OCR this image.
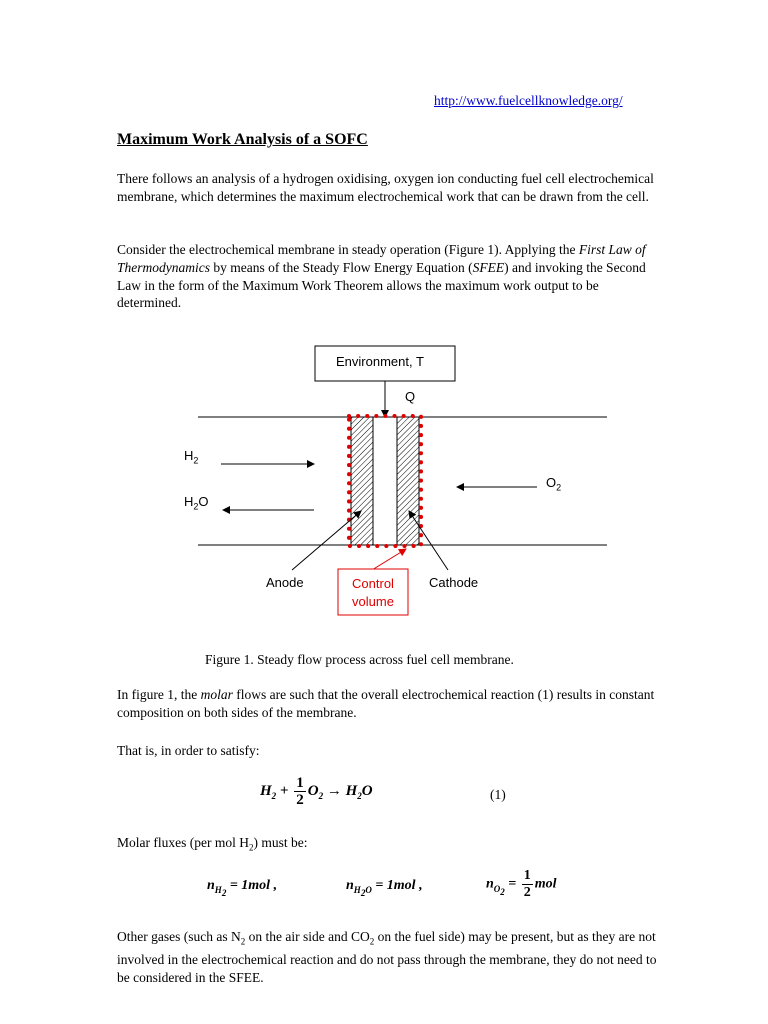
http://www.fuelcellknowledge.org/
Maximum Work Analysis of a SOFC
There follows an analysis of a hydrogen oxidising, oxygen ion conducting fuel cell electrochemical membrane, which determines the maximum electrochemical work that can be drawn from the cell.
Consider the electrochemical membrane in steady operation (Figure 1). Applying the First Law of Thermodynamics by means of the Steady Flow Energy Equation (SFEE) and invoking the Second Law in the form of the Maximum Work Theorem allows the maximum work output to be determined.
Environment, T
Q
$H_2$
$H_2O$
$O_2$
Anode	Cathode
Control
volume
Figure 1. Steady flow process across fuel cell membrane.
In figure 1, the molar flows are such that the overall electrochemical reaction (1) results in constant composition on both sides of the membrane.
That is, in order to satisfy:
$H_2 + \frac{1}{2} O_2 \to H_2O$	(1)
Molar fluxes (per mol $H_2$) must be:
$n_{H_2} = 1mol$ ,	$n_{H_2O} = 1mol$ ,	$n_{O_2} = \frac{1}{2}$ mol
Other gases (such as $N_2$ on the air side and $CO_2$ on the fuel side) may be present, but as they are not involved in the electrochemical reaction and do not pass through the membrane, they do not need to be considered in the SFEE.
